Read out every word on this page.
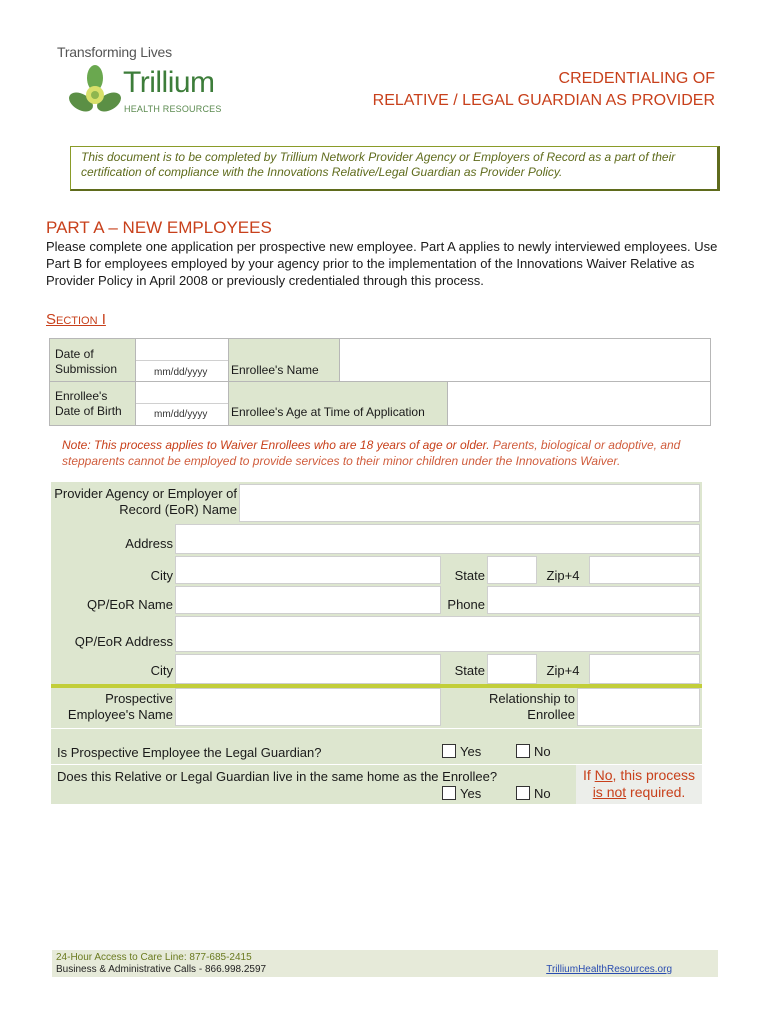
Transforming Lives
Trillium
HEALTH RESOURCES
CREDENTIALING OF
RELATIVE / LEGAL GUARDIAN AS PROVIDER
This document is to be completed by Trillium Network Provider Agency or Employers of Record as a part of their certification of compliance with the Innovations Relative/Legal Guardian as Provider Policy.
PART A – NEW EMPLOYEES
Please complete one application per prospective new employee. Part A applies to newly interviewed employees. Use Part B for employees employed by your agency prior to the implementation of the Innovations Waiver Relative as Provider Policy in April 2008 or previously credentialed through this process.
Section I
Date of Submission	mm/dd/yyyy Enrollee's Name
Enrollee's Date of Birth	mm/dd/yyyy Enrollee's Age at Time of Application
Note: This process applies to Waiver Enrollees who are 18 years of age or older. Parents, biological or adoptive, and stepparents cannot be employed to provide services to their minor children under the Innovations Waiver.
Provider Agency or Employer of Record (EoR) Name
Address
City	State	Zip+4
QP/EoR Name	Phone
QP/EoR Address
City	State	Zip+4
Prospective Employee's Name
Relationship to Enrollee
Is Prospective Employee the Legal Guardian?	Yes	No
Does this Relative or Legal Guardian live in the same home as the Enrollee?
Yes	No
If No, this process
is not required.
24-Hour Access to Care Line: 877-685-2415
Business & Administrative Calls - 866.998.2597	TrilliumHealthResources.org
